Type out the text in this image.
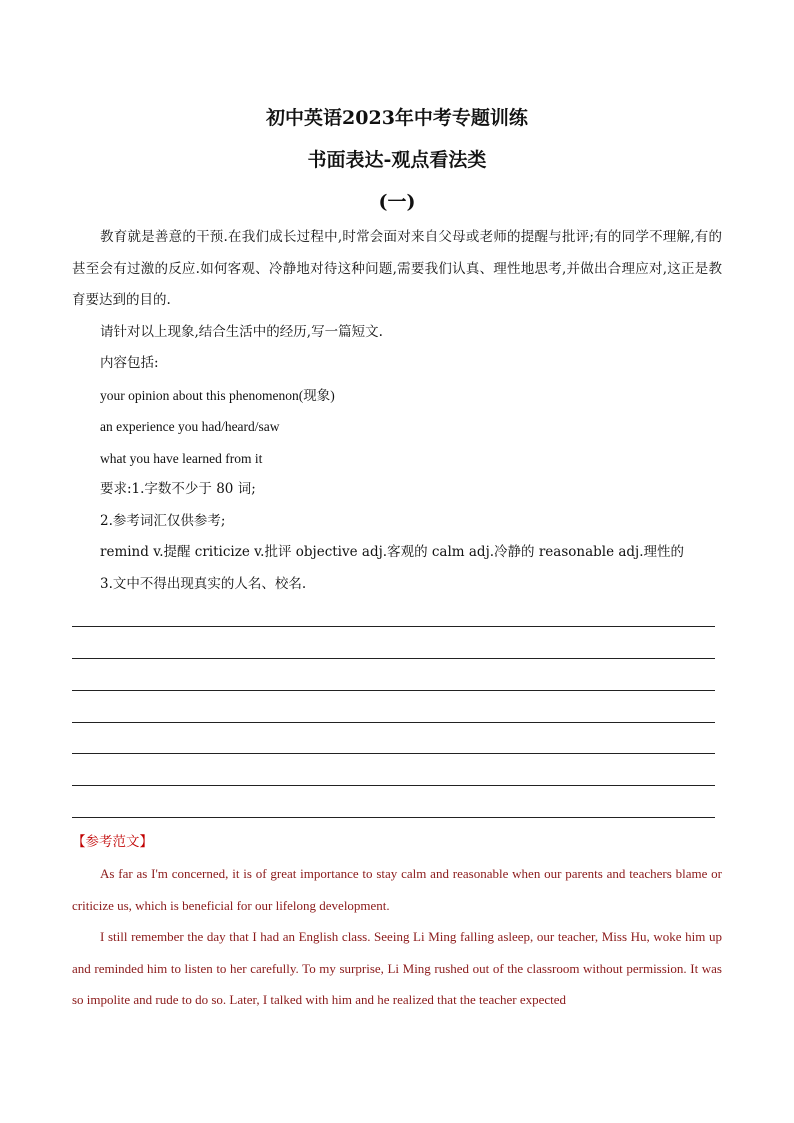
初中英语2023年中考专题训练
书面表达-观点看法类
(一)

教育就是善意的干预.在我们成长过程中,时常会面对来自父母或老师的提醒与批评;有的同学不理解,有的甚至会有过激的反应.如何客观、冷静地对待这种问题,需要我们认真、理性地思考,并做出合理应对,这正是教育要达到的目的.

请针对以上现象,结合生活中的经历,写一篇短文.

内容包括:

your opinion about this phenomenon(现象)

an experience you had/heard/saw

what you have learned from it

要求:1.字数不少于 80 词;

2.参考词汇仅供参考;

remind v.提醒 criticize v.批评 objective adj.客观的 calm adj.冷静的 reasonable adj.理性的

3.文中不得出现真实的人名、校名.

【参考范文】

As far as I'm concerned, it is of great importance to stay calm and reasonable when our parents and teachers blame or criticize us, which is beneficial for our lifelong development.

I still remember the day that I had an English class. Seeing Li Ming falling asleep, our teacher, Miss Hu, woke him up and reminded him to listen to her carefully. To my surprise, Li Ming rushed out of the classroom without permission. It was so impolite and rude to do so. Later, I talked with him and he realized that the teacher expected
